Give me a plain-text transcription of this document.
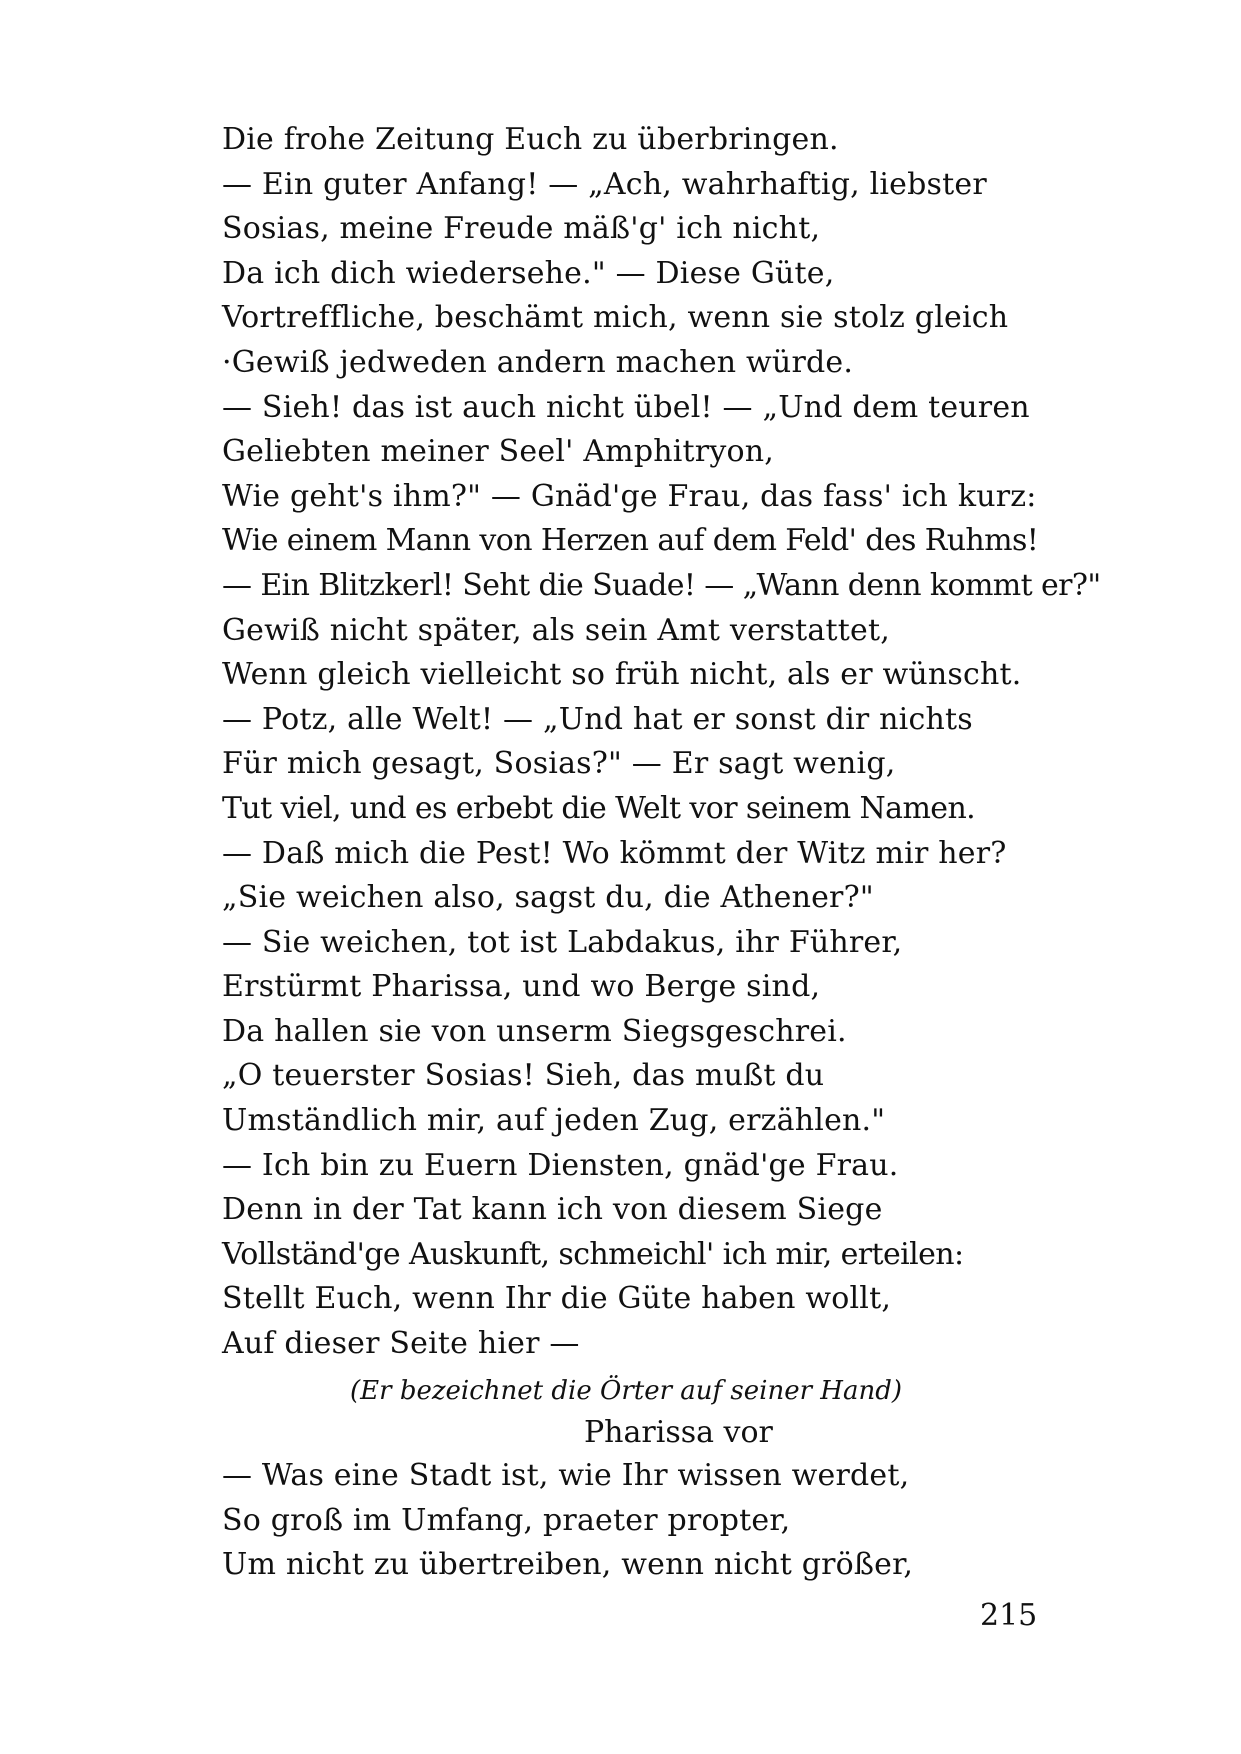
Die frohe Zeitung Euch zu überbringen.
— Ein guter Anfang! — „Ach, wahrhaftig, liebster
Sosias, meine Freude mäß'g' ich nicht,
Da ich dich wiedersehe." — Diese Güte,
Vortreffliche, beschämt mich, wenn sie stolz gleich
·Gewiß jedweden andern machen würde.
— Sieh! das ist auch nicht übel! — „Und dem teuren
Geliebten meiner Seel' Amphitryon,
Wie geht's ihm?" — Gnäd'ge Frau, das fass' ich kurz:
Wie einem Mann von Herzen auf dem Feld' des Ruhms!
— Ein Blitzkerl! Seht die Suade! — „Wann denn kommt er?"
Gewiß nicht später, als sein Amt verstattet,
Wenn gleich vielleicht so früh nicht, als er wünscht.
— Potz, alle Welt! — „Und hat er sonst dir nichts
Für mich gesagt, Sosias?" — Er sagt wenig,
Tut viel, und es erbebt die Welt vor seinem Namen.
— Daß mich die Pest! Wo kömmt der Witz mir her?
„Sie weichen also, sagst du, die Athener?"
— Sie weichen, tot ist Labdakus, ihr Führer,
Erstürmt Pharissa, und wo Berge sind,
Da hallen sie von unserm Siegsgeschrei.
„O teuerster Sosias! Sieh, das mußt du
Umständlich mir, auf jeden Zug, erzählen."
— Ich bin zu Euern Diensten, gnäd'ge Frau.
Denn in der Tat kann ich von diesem Siege
Vollständ'ge Auskunft, schmeichl' ich mir, erteilen:
Stellt Euch, wenn Ihr die Güte haben wollt,
Auf dieser Seite hier —
(Er bezeichnet die Örter auf seiner Hand)
Pharissa vor
— Was eine Stadt ist, wie Ihr wissen werdet,
So groß im Umfang, praeter propter,
Um nicht zu übertreiben, wenn nicht größer,
215
